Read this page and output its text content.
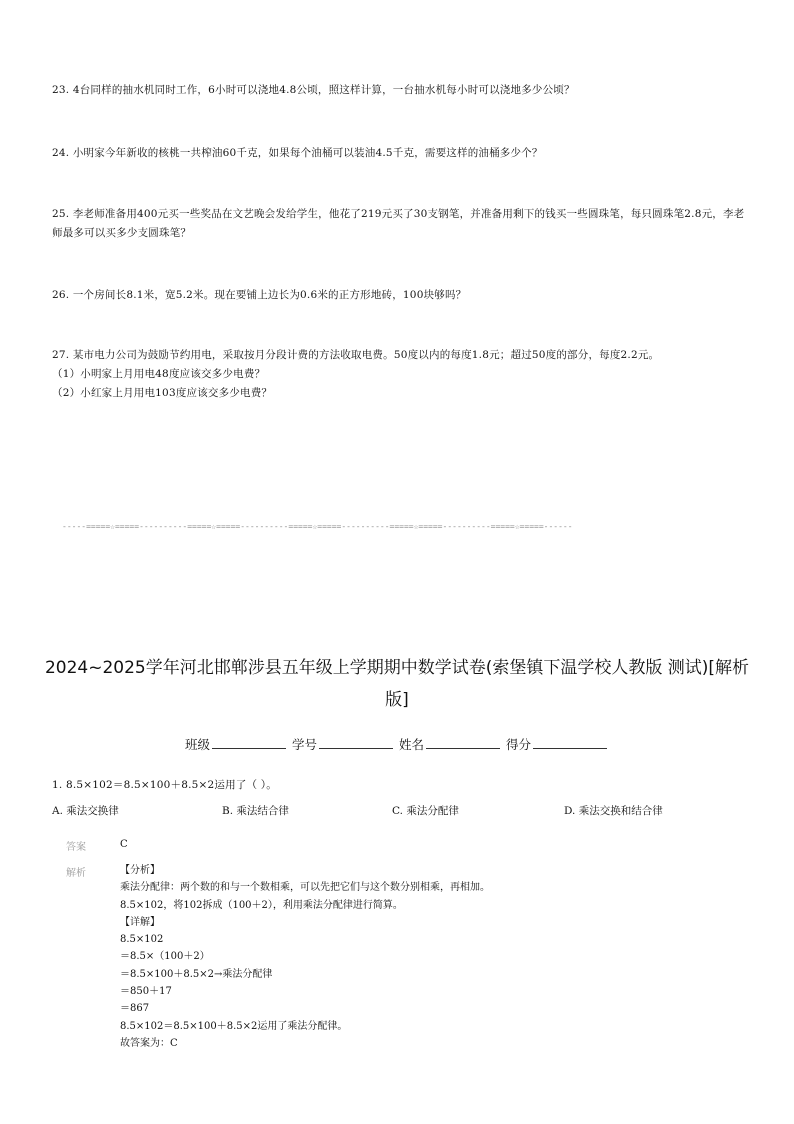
23. 4台同样的抽水机同时工作，6小时可以浇地4.8公顷，照这样计算，一台抽水机每小时可以浇地多少公顷？
24. 小明家今年新收的核桃一共榨油60千克，如果每个油桶可以装油4.5千克，需要这样的油桶多少个？
25. 李老师准备用400元买一些奖品在文艺晚会发给学生，他花了219元买了30支钢笔，并准备用剩下的钱买一些圆珠笔，每只圆珠笔2.8元，李老师最多可以买多少支圆珠笔？
26. 一个房间长8.1米，宽5.2米。现在要铺上边长为0.6米的正方形地砖，100块够吗？
27. 某市电力公司为鼓励节约用电，采取按月分段计费的方法收取电费。50度以内的每度1.8元；超过50度的部分，每度2.2元。
（1）小明家上月用电48度应该交多少电费？
（2）小红家上月用电103度应该交多少电费？
-----=====☆=====----------=====☆=====----------=====☆=====----------=====☆=====----------=====☆=====------
2024~2025学年河北邯郸涉县五年级上学期期中数学试卷(索堡镇下温学校人教版 测试)[解析版]
班级	学号	姓名	得分
1. 8.5×102＝8.5×100＋8.5×2运用了（ ）。
A. 乘法交换律	B. 乘法结合律	C. 乘法分配律	D. 乘法交换和结合律
答案	C
解析	【分析】
乘法分配律：两个数的和与一个数相乘，可以先把它们与这个数分别相乘，再相加。
8.5×102，将102拆成（100＋2），利用乘法分配律进行简算。
【详解】
8.5×102
＝8.5×（100＋2）
＝8.5×100＋8.5×2→乘法分配律
＝850＋17
＝867
8.5×102＝8.5×100＋8.5×2运用了乘法分配律。
故答案为：C
